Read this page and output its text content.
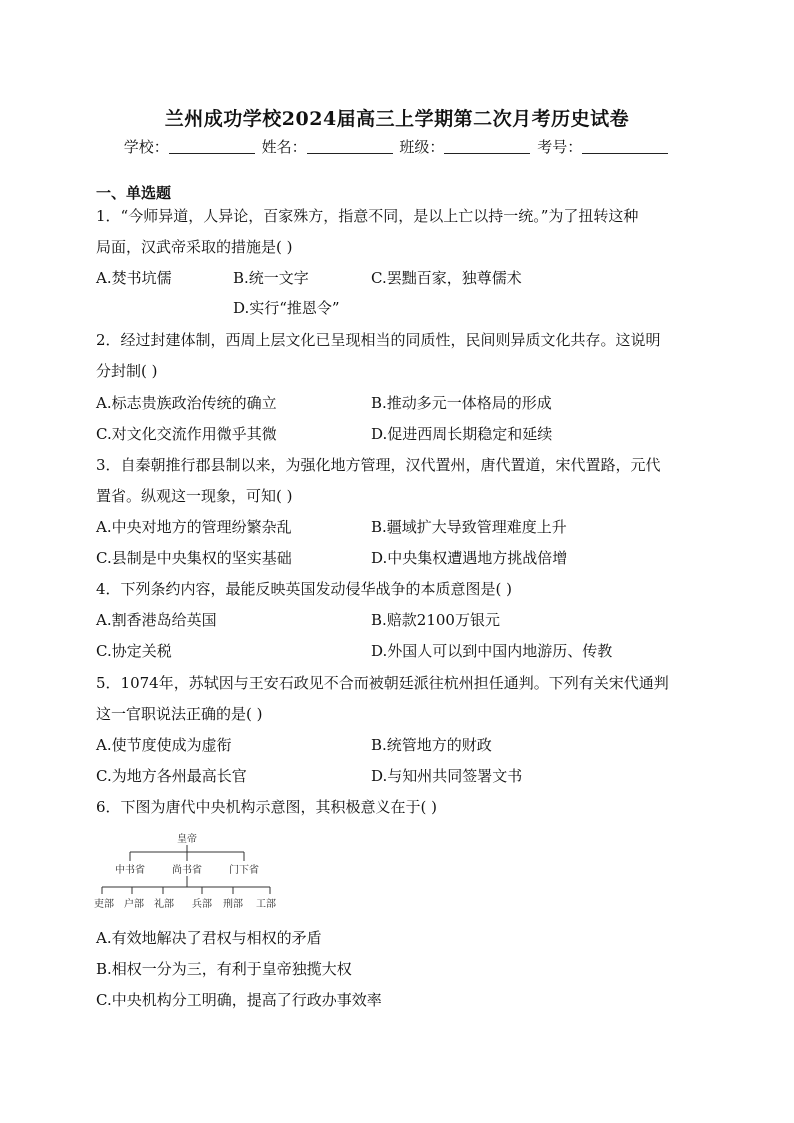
兰州成功学校2024届高三上学期第二次月考历史试卷
学校：	姓名：	班级：	考号：
一、单选题
1．“今师异道，人异论，百家殊方，指意不同，是以上亡以持一统。”为了扭转这种
局面，汉武帝采取的措施是( )
A.焚书坑儒	B.统一文字	C.罢黜百家，独尊儒术
D.实行“推恩令”
2．经过封建体制，西周上层文化已呈现相当的同质性，民间则异质文化共存。这说明
分封制( )
A.标志贵族政治传统的确立	B.推动多元一体格局的形成
C.对文化交流作用微乎其微	D.促进西周长期稳定和延续
3．自秦朝推行郡县制以来，为强化地方管理，汉代置州，唐代置道，宋代置路，元代
置省。纵观这一现象，可知( )
A.中央对地方的管理纷繁杂乱	B.疆域扩大导致管理难度上升
C.县制是中央集权的坚实基础	D.中央集权遭遇地方挑战倍增
4．下列条约内容，最能反映英国发动侵华战争的本质意图是( )
A.割香港岛给英国	B.赔款2100万银元
C.协定关税	D.外国人可以到中国内地游历、传教
5．1074年，苏轼因与王安石政见不合而被朝廷派往杭州担任通判。下列有关宋代通判
这一官职说法正确的是( )
A.使节度使成为虚衔	B.统管地方的财政
C.为地方各州最高长官	D.与知州共同签署文书
6．下图为唐代中央机构示意图，其积极意义在于( )
皇帝
中书省	尚书省	门下省
吏部 户部 礼部 兵部 刑部 工部
A.有效地解决了君权与相权的矛盾
B.相权一分为三，有利于皇帝独揽大权
C.中央机构分工明确，提高了行政办事效率
